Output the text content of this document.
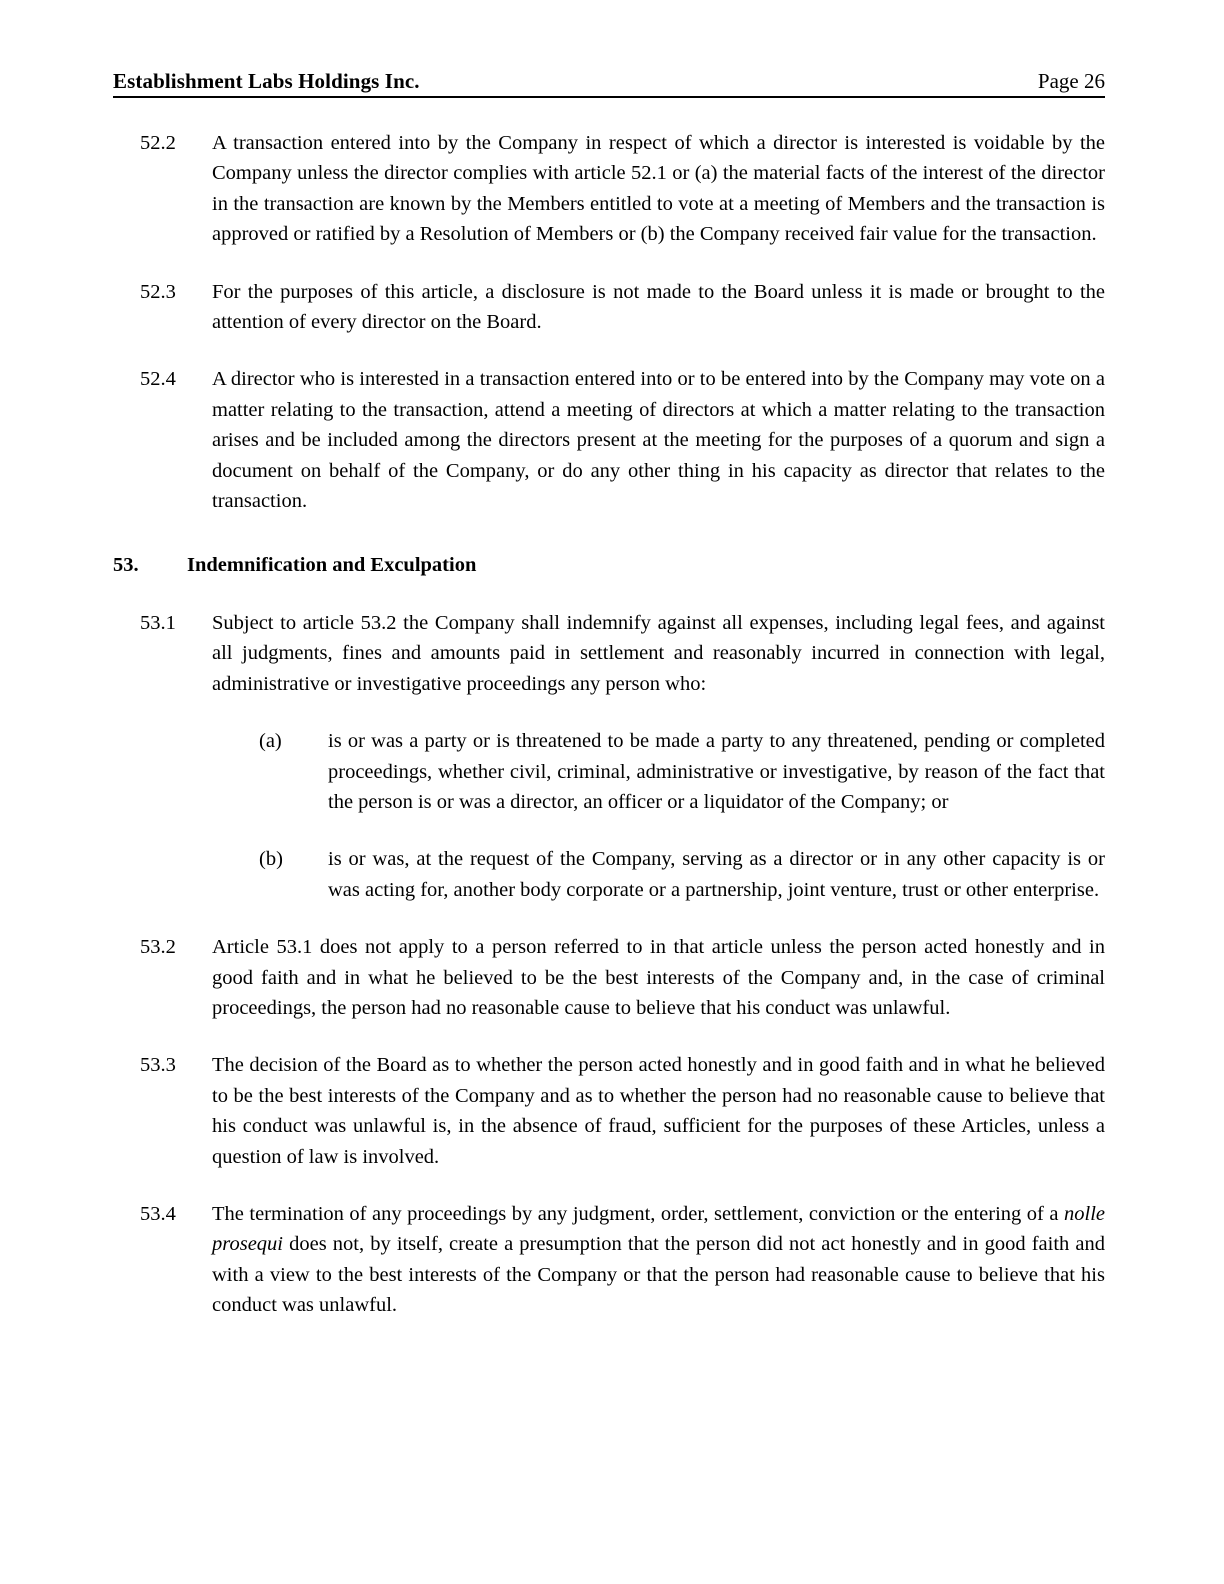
Establishment Labs Holdings Inc.	Page 26
52.2	A transaction entered into by the Company in respect of which a director is interested is voidable by the Company unless the director complies with article 52.1 or (a) the material facts of the interest of the director in the transaction are known by the Members entitled to vote at a meeting of Members and the transaction is approved or ratified by a Resolution of Members or (b) the Company received fair value for the transaction.
52.3	For the purposes of this article, a disclosure is not made to the Board unless it is made or brought to the attention of every director on the Board.
52.4	A director who is interested in a transaction entered into or to be entered into by the Company may vote on a matter relating to the transaction, attend a meeting of directors at which a matter relating to the transaction arises and be included among the directors present at the meeting for the purposes of a quorum and sign a document on behalf of the Company, or do any other thing in his capacity as director that relates to the transaction.
53.	Indemnification and Exculpation
53.1	Subject to article 53.2 the Company shall indemnify against all expenses, including legal fees, and against all judgments, fines and amounts paid in settlement and reasonably incurred in connection with legal, administrative or investigative proceedings any person who:
(a)	is or was a party or is threatened to be made a party to any threatened, pending or completed proceedings, whether civil, criminal, administrative or investigative, by reason of the fact that the person is or was a director, an officer or a liquidator of the Company; or
(b)	is or was, at the request of the Company, serving as a director or in any other capacity is or was acting for, another body corporate or a partnership, joint venture, trust or other enterprise.
53.2	Article 53.1 does not apply to a person referred to in that article unless the person acted honestly and in good faith and in what he believed to be the best interests of the Company and, in the case of criminal proceedings, the person had no reasonable cause to believe that his conduct was unlawful.
53.3	The decision of the Board as to whether the person acted honestly and in good faith and in what he believed to be the best interests of the Company and as to whether the person had no reasonable cause to believe that his conduct was unlawful is, in the absence of fraud, sufficient for the purposes of these Articles, unless a question of law is involved.
53.4	The termination of any proceedings by any judgment, order, settlement, conviction or the entering of a nolle prosequi does not, by itself, create a presumption that the person did not act honestly and in good faith and with a view to the best interests of the Company or that the person had reasonable cause to believe that his conduct was unlawful.
